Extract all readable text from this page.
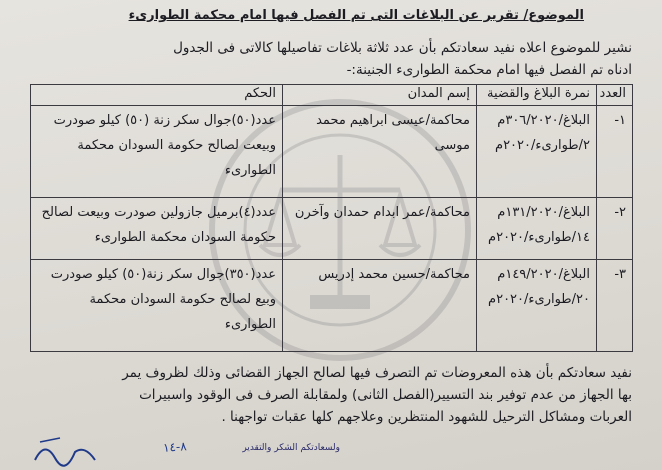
الموضوع/ تقرير عن البلاغات التى تم الفصل فيها امام محكمة الطوارىء
نشير للموضوع اعلاه نفيد سعادتكم بأن عدد ثلاثة بلاغات تفاصيلها كالاتى فى الجدول
ادناه تم الفصل فيها امام محكمة الطوارىء الجنينة:-
العدد	نمرة البلاغ والقضية	إسم المدان	الحكم
١-	البلاغ/٣٠٦/٢٠٢٠م ٢/طوارىء/٢٠٢٠م	محاكمة/عيسى ابراهيم محمد موسى	عدد(٥٠)جوال سكر زنة (٥٠) كيلو صودرت وبيعت لصالح حكومة السودان محكمة الطوارىء
٢-	البلاغ/١٣١/٢٠٢٠م ١٤/طوارىء/٢٠٢٠م	محاكمة/عمر ابدام حمدان وآخرن	عدد(٤)برميل جازولين صودرت وبيعت لصالح حكومة السودان محكمة الطوارىء
٣-	البلاغ/١٤٩/٢٠٢٠م ٢٠/طوارىء/٢٠٢٠م	محاكمة/حسين محمد إدريس	عدد(٣٥٠)جوال سكر زنة(٥٠) كيلو صودرت وبيع لصالح حكومة السودان محكمة الطوارىء
نفيد سعادتكم بأن هذه المعروضات تم التصرف فيها لصالح الجهاز القضائى وذلك لظروف يمر
بها الجهاز من عدم توفير بند التسيير(الفصل الثانى) ولمقابلة الصرف فى الوقود واسبيرات
العربات ومشاكل الترحيل للشهود المنتظرين وعلاجهم كلها عقبات تواجهنا .
ولسعادتكم الشكر والتقدير
٨-١٤
